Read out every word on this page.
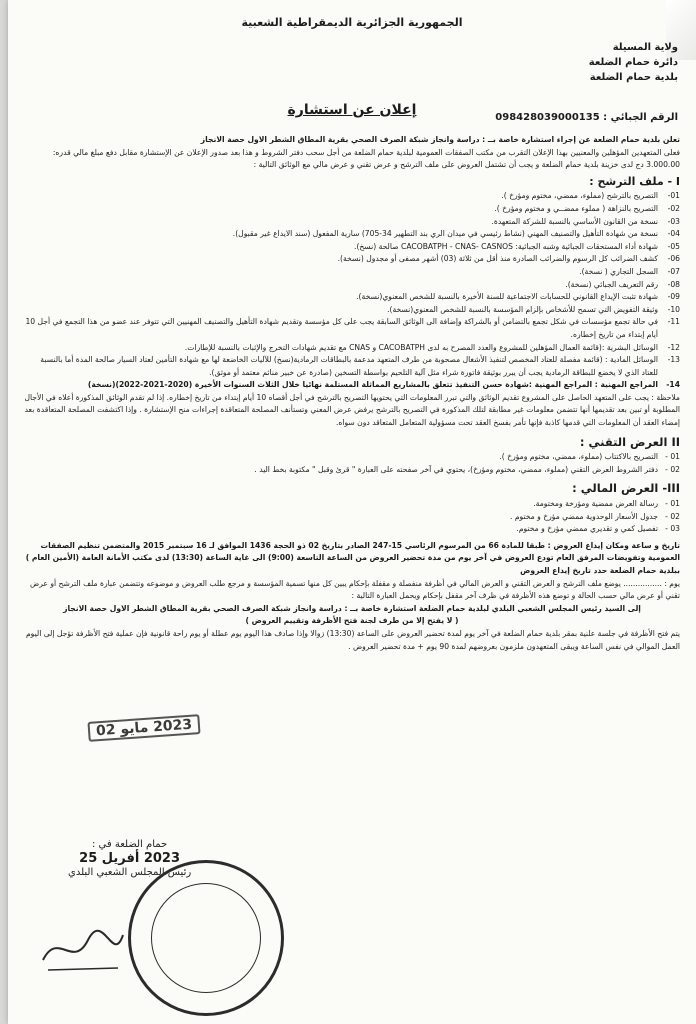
الجمهورية الجزائرية الديمقراطية الشعبية
ولاية المسيلة
دائرة حمام الضلعة
بلدية حمام الضلعة
إعلان عن استشارة	الرقم الجبائي : 098428039000135

تعلن بلدية حمام الضلعة عن إجراء استشارة خاصة بــ : دراسة وانجاز شبكة الصرف الصحي بقرية المطاق الشطر الاول حصة الانجاز

فعلى المتعهدين المؤهلين والمعنيين بهذا الإعلان التقرب من مكتب الصفقات العمومية لبلدية حمام الضلعة من أجل سحب دفتر الشروط و هذا بعد صدور الإعلان عن الإستشارة مقابل دفع مبلغ مالي قدره: 3.000.00 دج لدى خزينة بلدية حمام الضلعة و يجب أن تشتمل العروض على ملف الترشح و عرض تقني و عرض مالي مع الوثائق التالية :

I - ملف الترشح :
01-
التصريح بالترشح (مملوء، ممضي، مختوم ومؤرخ ).
02-
التصريح بالنزاهة ( مملوء ممضــي و مختوم ومؤرخ ).
03-
نسخة من القانون الأساسي بالنسبة للشركة المتعهدة.
04-
نسخة من شهادة التأهيل والتصنيف المهني (نشاط رئيسي في ميدان الري بند التطهير 34-705) سارية المفعول (سند الايداع غير مقبول).
05-
شهادة أداء المستحقات الجبائية وشبه الجبائية: CACOBATPH - CNAS- CASNOS صالحة (نسخ).
06-
كشف الضرائب كل الرسوم والضرائب الصادرة منذ أقل من ثلاثة (03) أشهر مصفى أو مجدول (نسخة).
07-
السجل التجاري ( نسخة).
08-
رقم التعريف الجبائي (نسخة).
09-
شهادة تثبت الإيداع القانوني للحسابات الاجتماعية للسنة الأخيرة بالنسبة للشخص المعنوي(نسخة).
10-
وثيقة التفويض التي تسمح للأشخاص بإلزام المؤسسة بالنسبة للشخص المعنوي(نسخة).
11-
في حالة تجمع مؤسسات في شكل تجمع بالتضامن أو بالشراكة وإضافة الى الوثائق السابقة يجب على كل مؤسسة وتقديم شهادة التأهيل والتصنيف المهنيين التي تتوفر عند عضو من هذا التجمع في أجل 10 أيام إبتداء من تاريخ إخطاره.
12-
الوسائل البشرية :(قائمة العمال المؤهلين للمشروع والعدد المصرح به لدى CACOBATPH و CNAS مع تقديم شهادات التخرج والإثبات بالنسبة للإطارات.
13-
الوسائل المادية : (قائمة مفصلة للعتاد المخصص لتنفيذ الأشغال مصحوبة من طرف المتعهد مدعمة بالبطاقات الرمادية(نسخ) للآليات الخاضعة لها مع شهادة التأمين لعتاد السيار صالحة المدة أما بالنسبة للعتاد الذي لا يخضع للبطاقة الرمادية يجب أن يبرر بوثيقة فاتورة شراء مثل آلية التلحيم بواسطة التسخين (صادرة عن خبير منائم معتمد أو موثق).
14-
المراجع المهنية : المراجع المهنية :شهادة حسن التنفيذ تتعلق بالمشاريع المماثلة المستلمة نهائيا خلال الثلاث السنوات الأخيرة (2020-2021-2022)(نسخة)

ملاحظة : يجب على المتعهد الحاصل على المشروع تقديم الوثائق والتي تبرر المعلومات التي يحتويها التصريح بالترشح في أجل أقصاه 10 أيام إبتداء من تاريخ إخطاره. إذا لم تقدم الوثائق المذكورة أعلاه في الأجال المطلوبة أو تبين بعد تقديمها أنها تتضمن معلومات غير مطابقة لتلك المذكورة في التصريح بالترشح يرفض عرض المعني وتستأنف المصلحة المتعاقدة إجراءات منح الإستشارة . وإذا اكتشفت المصلحة المتعاقدة بعد إمضاء العقد أن المعلومات التي قدمها كاذبة فإنها تأمر بفسخ العقد تحت مسؤولية المتعامل المتعاقد دون سواه.

II العرض التقني :
01 -
التصريح بالاكتتاب (مملوء، ممضي، مختوم ومؤرخ ).
02 -
دفتر الشروط العرض التقني (مملوء، ممضي، مختوم ومؤرخ)، يحتوي في آخر صفحته على العبارة " قرئ وقبل " مكتوبة بخط اليد .
III- العرض المالي :
01 -
رسالة العرض ممضية ومؤرخة ومختومة.
02 -
جدول الأسعار الوحدوية ممضي مؤرخ و مختوم .
03 -
تفصيل كمي و تقديري ممضي مؤرخ و مختوم.

تاريخ و ساعة ومكان إيداع العروض : طبقا للمادة 66 من المرسوم الرئاسي 15-247 الصادر بتاريخ 02 ذو الحجة 1436 الموافق لـ 16 سبتمبر 2015 والمتضمن تنظيم الصفقات العمومية وتفويضات المرفق العام تودع العروض في آخر يوم من مدة تحضير العروض من الساعة التاسعة (9:00) الى غاية الساعة (13:30) لدى مكتب الأمانة العامة (الأمين العام ) ببلدية حمام الضلعة حدد تاريخ إيداع العروض

يوم : ................ يوضع ملف الترشح و العرض التقني و العرض المالي في أظرفة منفصلة و مقفلة بإحكام يبين كل منها تسمية المؤسسة و مرجع طلب العروض و موضوعه وتتضمن عبارة ملف الترشح أو عرض تقني أو عرض مالي حسب الحالة و توضع هذه الأظرفة في ظرف آخر مقفل بإحكام ويحمل العبارة التالية :

إلى السيد رئيس المجلس الشعبي البلدي لبلدية حمام الضلعة استشارة خاصة بــ : دراسة وانجاز شبكة الصرف الصحي بقرية المطاق الشطر الاول حصة الانجاز

( لا يفتح إلا من طرف لجنة فتح الأظرفة وتقييم العروض )

يتم فتح الأظرفة في جلسة علنية بمقر بلدية حمام الضلعة في آخر يوم لمدة تحضير العروض على الساعة (13:30) زوالا وإذا صادف هذا اليوم يوم عطلة أو يوم راحة قانونية فإن عملية فتح الأظرفة تؤجل إلى اليوم العمل الموالي في نفس الساعة ويبقى المتعهدون ملزمون بعروضهم لمدة 90 يوم + مدة تحضير العروض .

2023 مايو 02
حمام الضلعة في :
2023 أفريل 25
رئيس المجلس الشعبي البلدي
